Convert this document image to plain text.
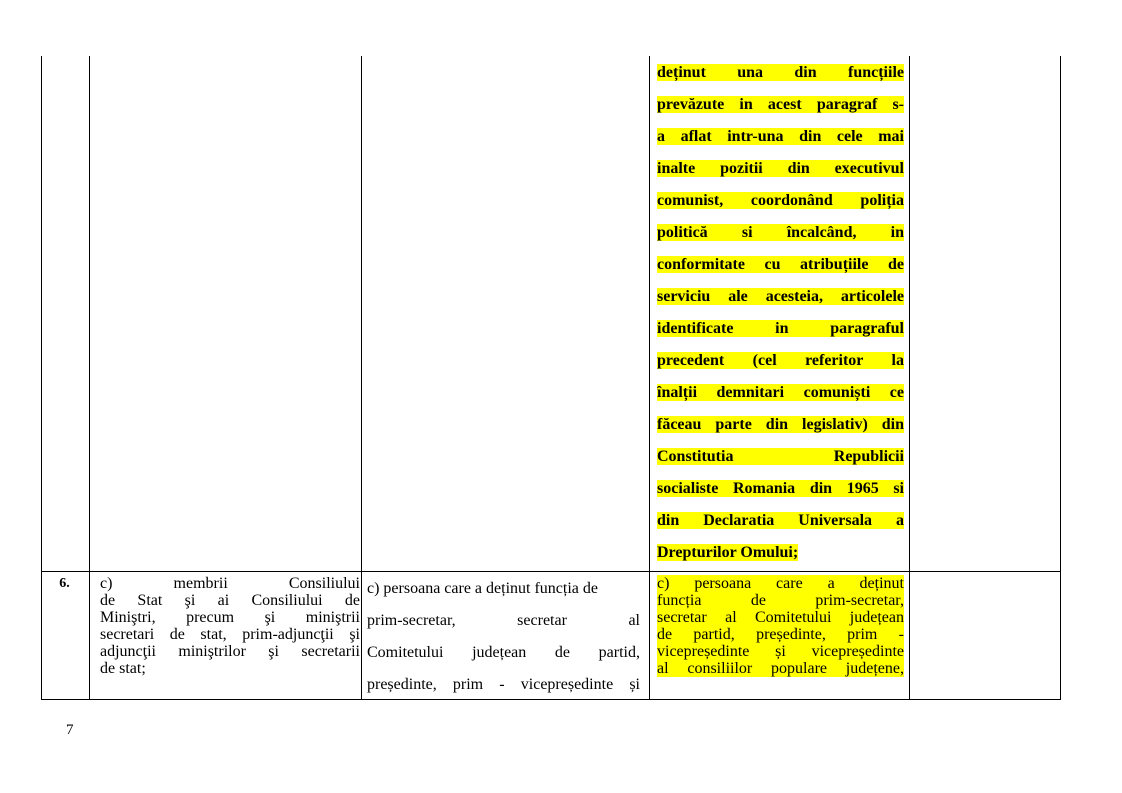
deținut una din funcțiile
prevăzute in acest paragraf s-
a aflat intr-una din cele mai
inalte pozitii din executivul
comunist, coordonând poliția
politică si încalcând, in
conformitate cu atribuțiile de
serviciu ale acesteia, articolele
identificate in paragraful
precedent (cel referitor la
înalții demnitari comuniști ce
făceau parte din legislativ) din
Constitutia Republicii
socialiste Romania din 1965 si
din Declaratia Universala a
Drepturilor Omului;
6.	c) membrii Consiliului
de Stat şi ai Consiliului de
Miniştri, precum şi miniştrii
secretari de stat, prim-adjuncţii şi
adjuncţii miniştrilor şi secretarii
de stat;
c) persoana care a deținut funcția de
prim-secretar, secretar al
Comitetului județean de partid,
președinte, prim - vicepreședinte și
c) persoana care a deținut
funcția de prim-secretar,
secretar al Comitetului județean
de partid, președinte, prim -
vicepreședinte și vicepreședinte
al consiliilor populare județene,
7
